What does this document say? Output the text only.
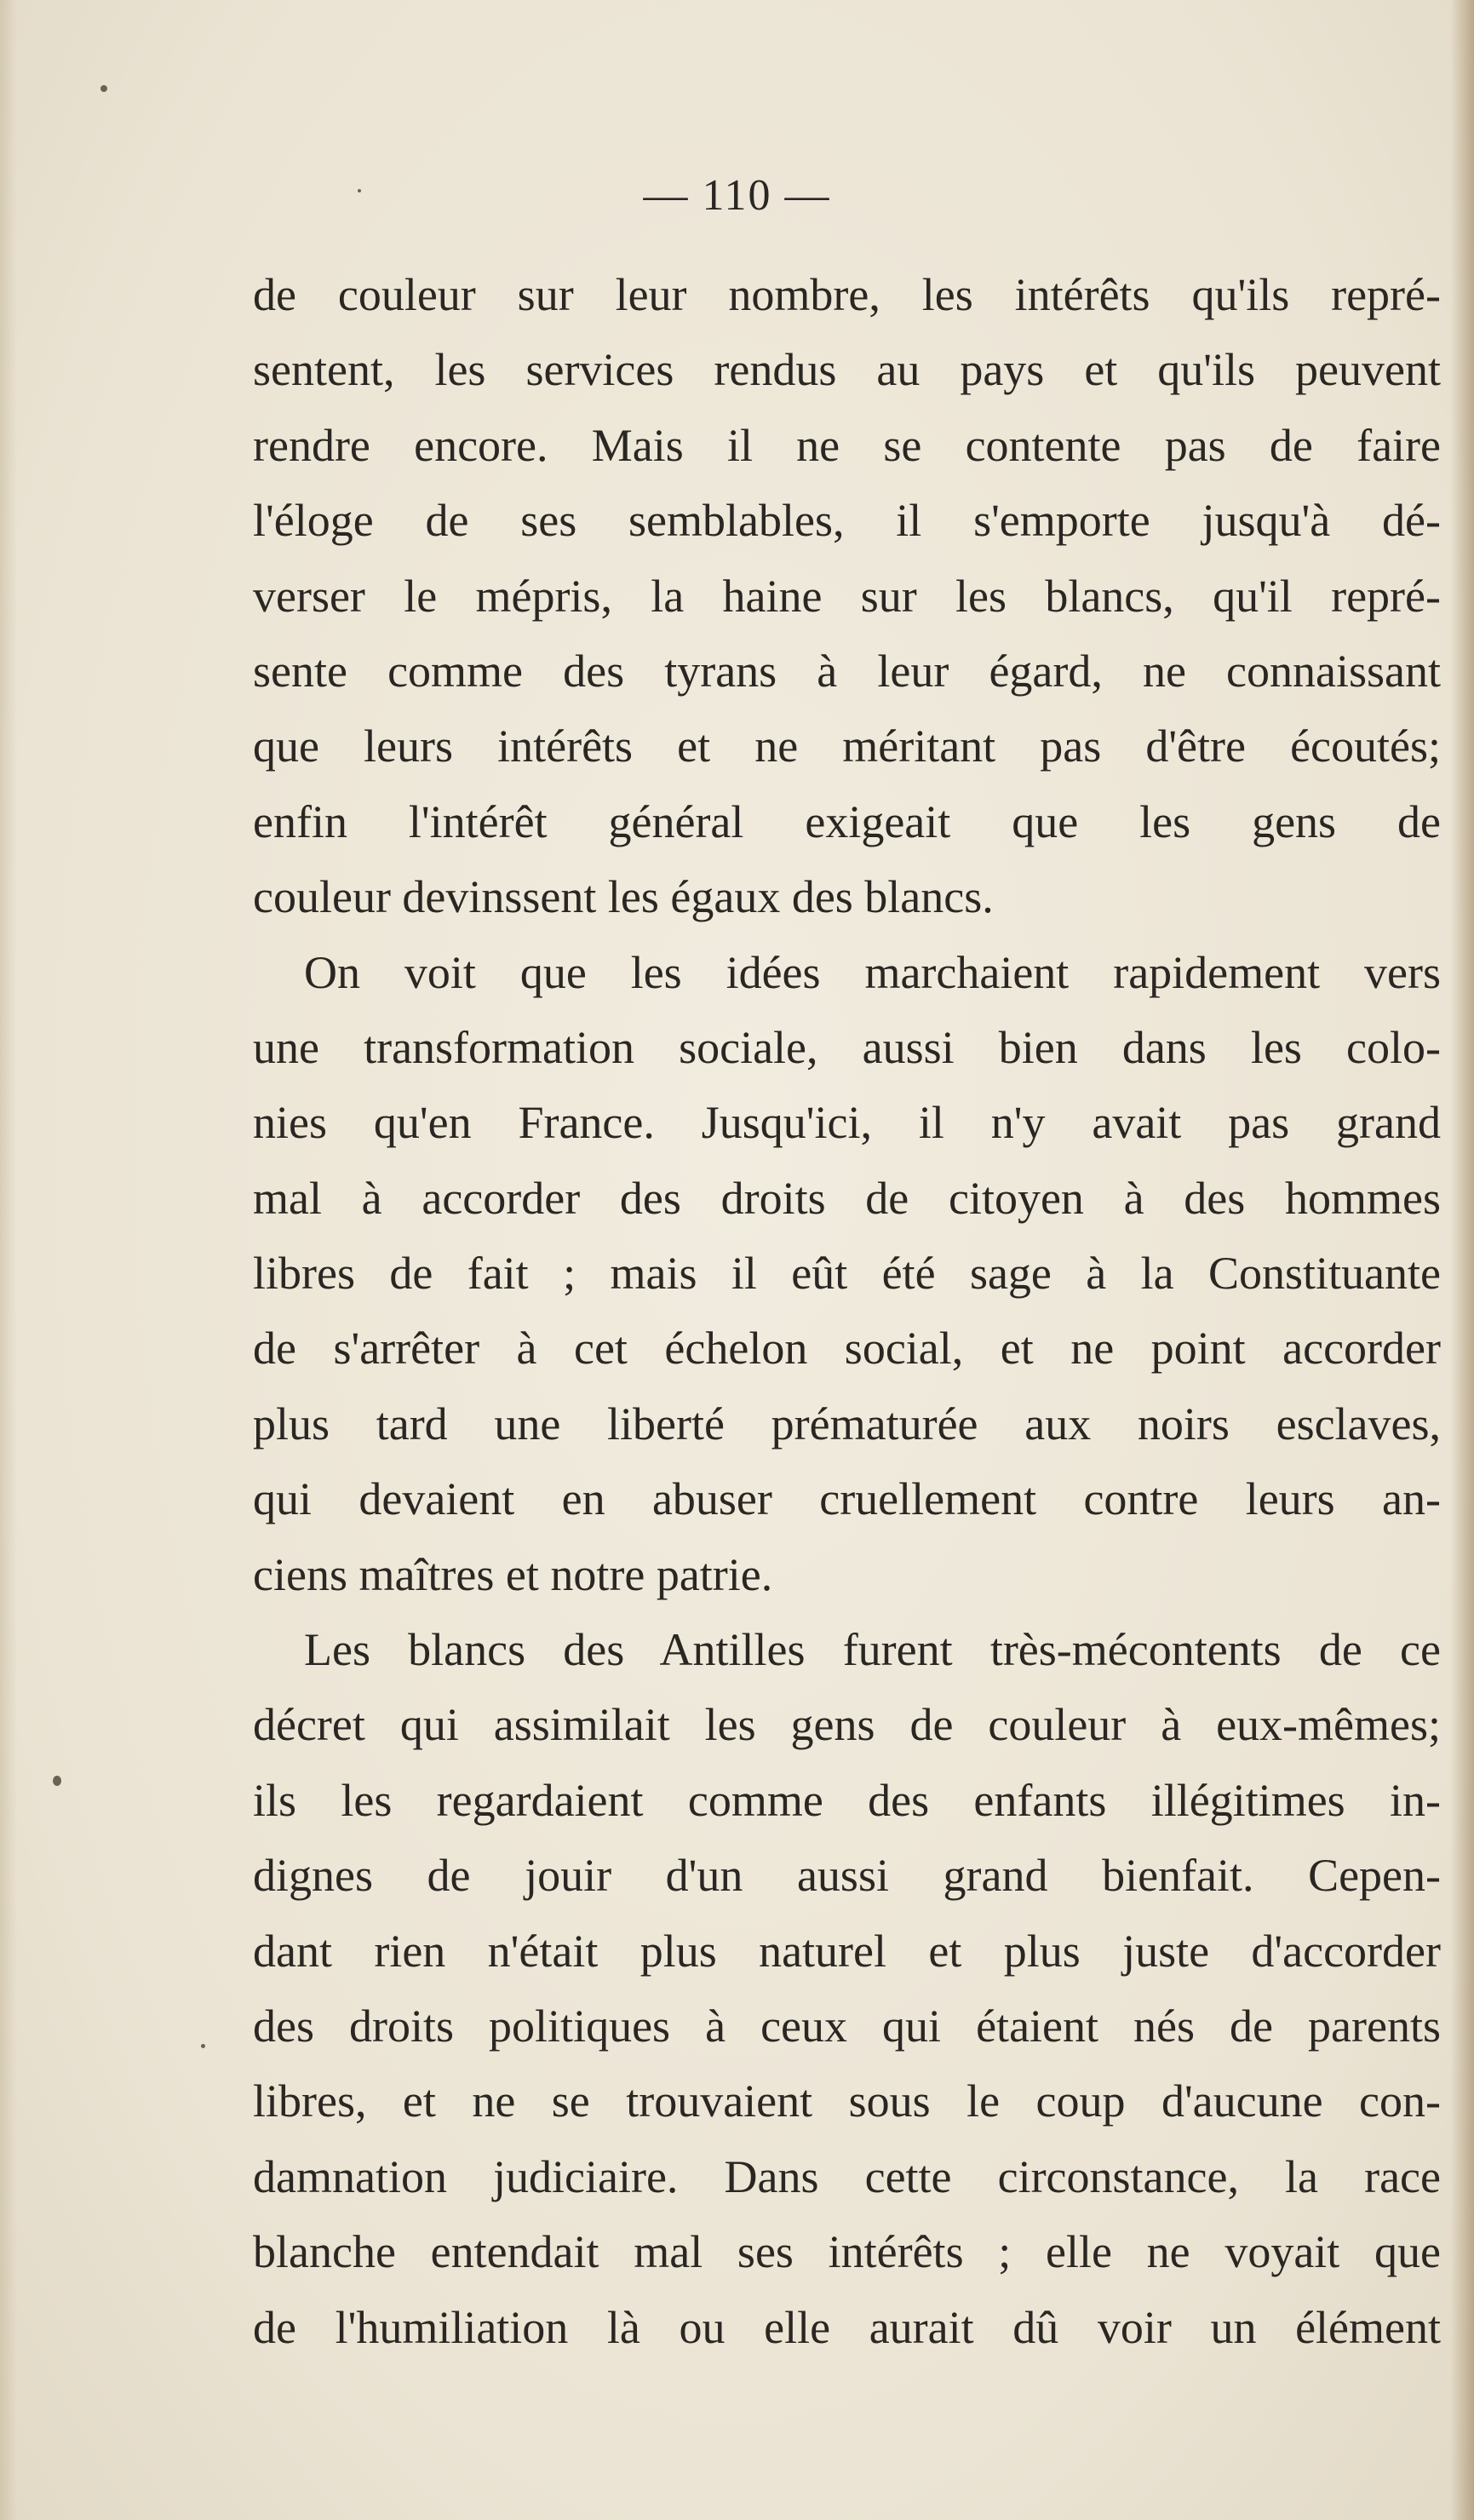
— 110 —
de couleur sur leur nombre, les intérêts qu'ils repré-
sentent, les services rendus au pays et qu'ils peuvent
rendre encore. Mais il ne se contente pas de faire
l'éloge de ses semblables, il s'emporte jusqu'à dé-
verser le mépris, la haine sur les blancs, qu'il repré-
sente comme des tyrans à leur égard, ne connaissant
que leurs intérêts et ne méritant pas d'être écoutés;
enfin l'intérêt général exigeait que les gens de
couleur devinssent les égaux des blancs.
On voit que les idées marchaient rapidement vers
une transformation sociale, aussi bien dans les colo-
nies qu'en France. Jusqu'ici, il n'y avait pas grand
mal à accorder des droits de citoyen à des hommes
libres de fait ; mais il eût été sage à la Constituante
de s'arrêter à cet échelon social, et ne point accorder
plus tard une liberté prématurée aux noirs esclaves,
qui devaient en abuser cruellement contre leurs an-
ciens maîtres et notre patrie.
Les blancs des Antilles furent très-mécontents de ce
décret qui assimilait les gens de couleur à eux-mêmes;
ils les regardaient comme des enfants illégitimes in-
dignes de jouir d'un aussi grand bienfait. Cepen-
dant rien n'était plus naturel et plus juste d'accorder
des droits politiques à ceux qui étaient nés de parents
libres, et ne se trouvaient sous le coup d'aucune con-
damnation judiciaire. Dans cette circonstance, la race
blanche entendait mal ses intérêts ; elle ne voyait que
de l'humiliation là ou elle aurait dû voir un élément
